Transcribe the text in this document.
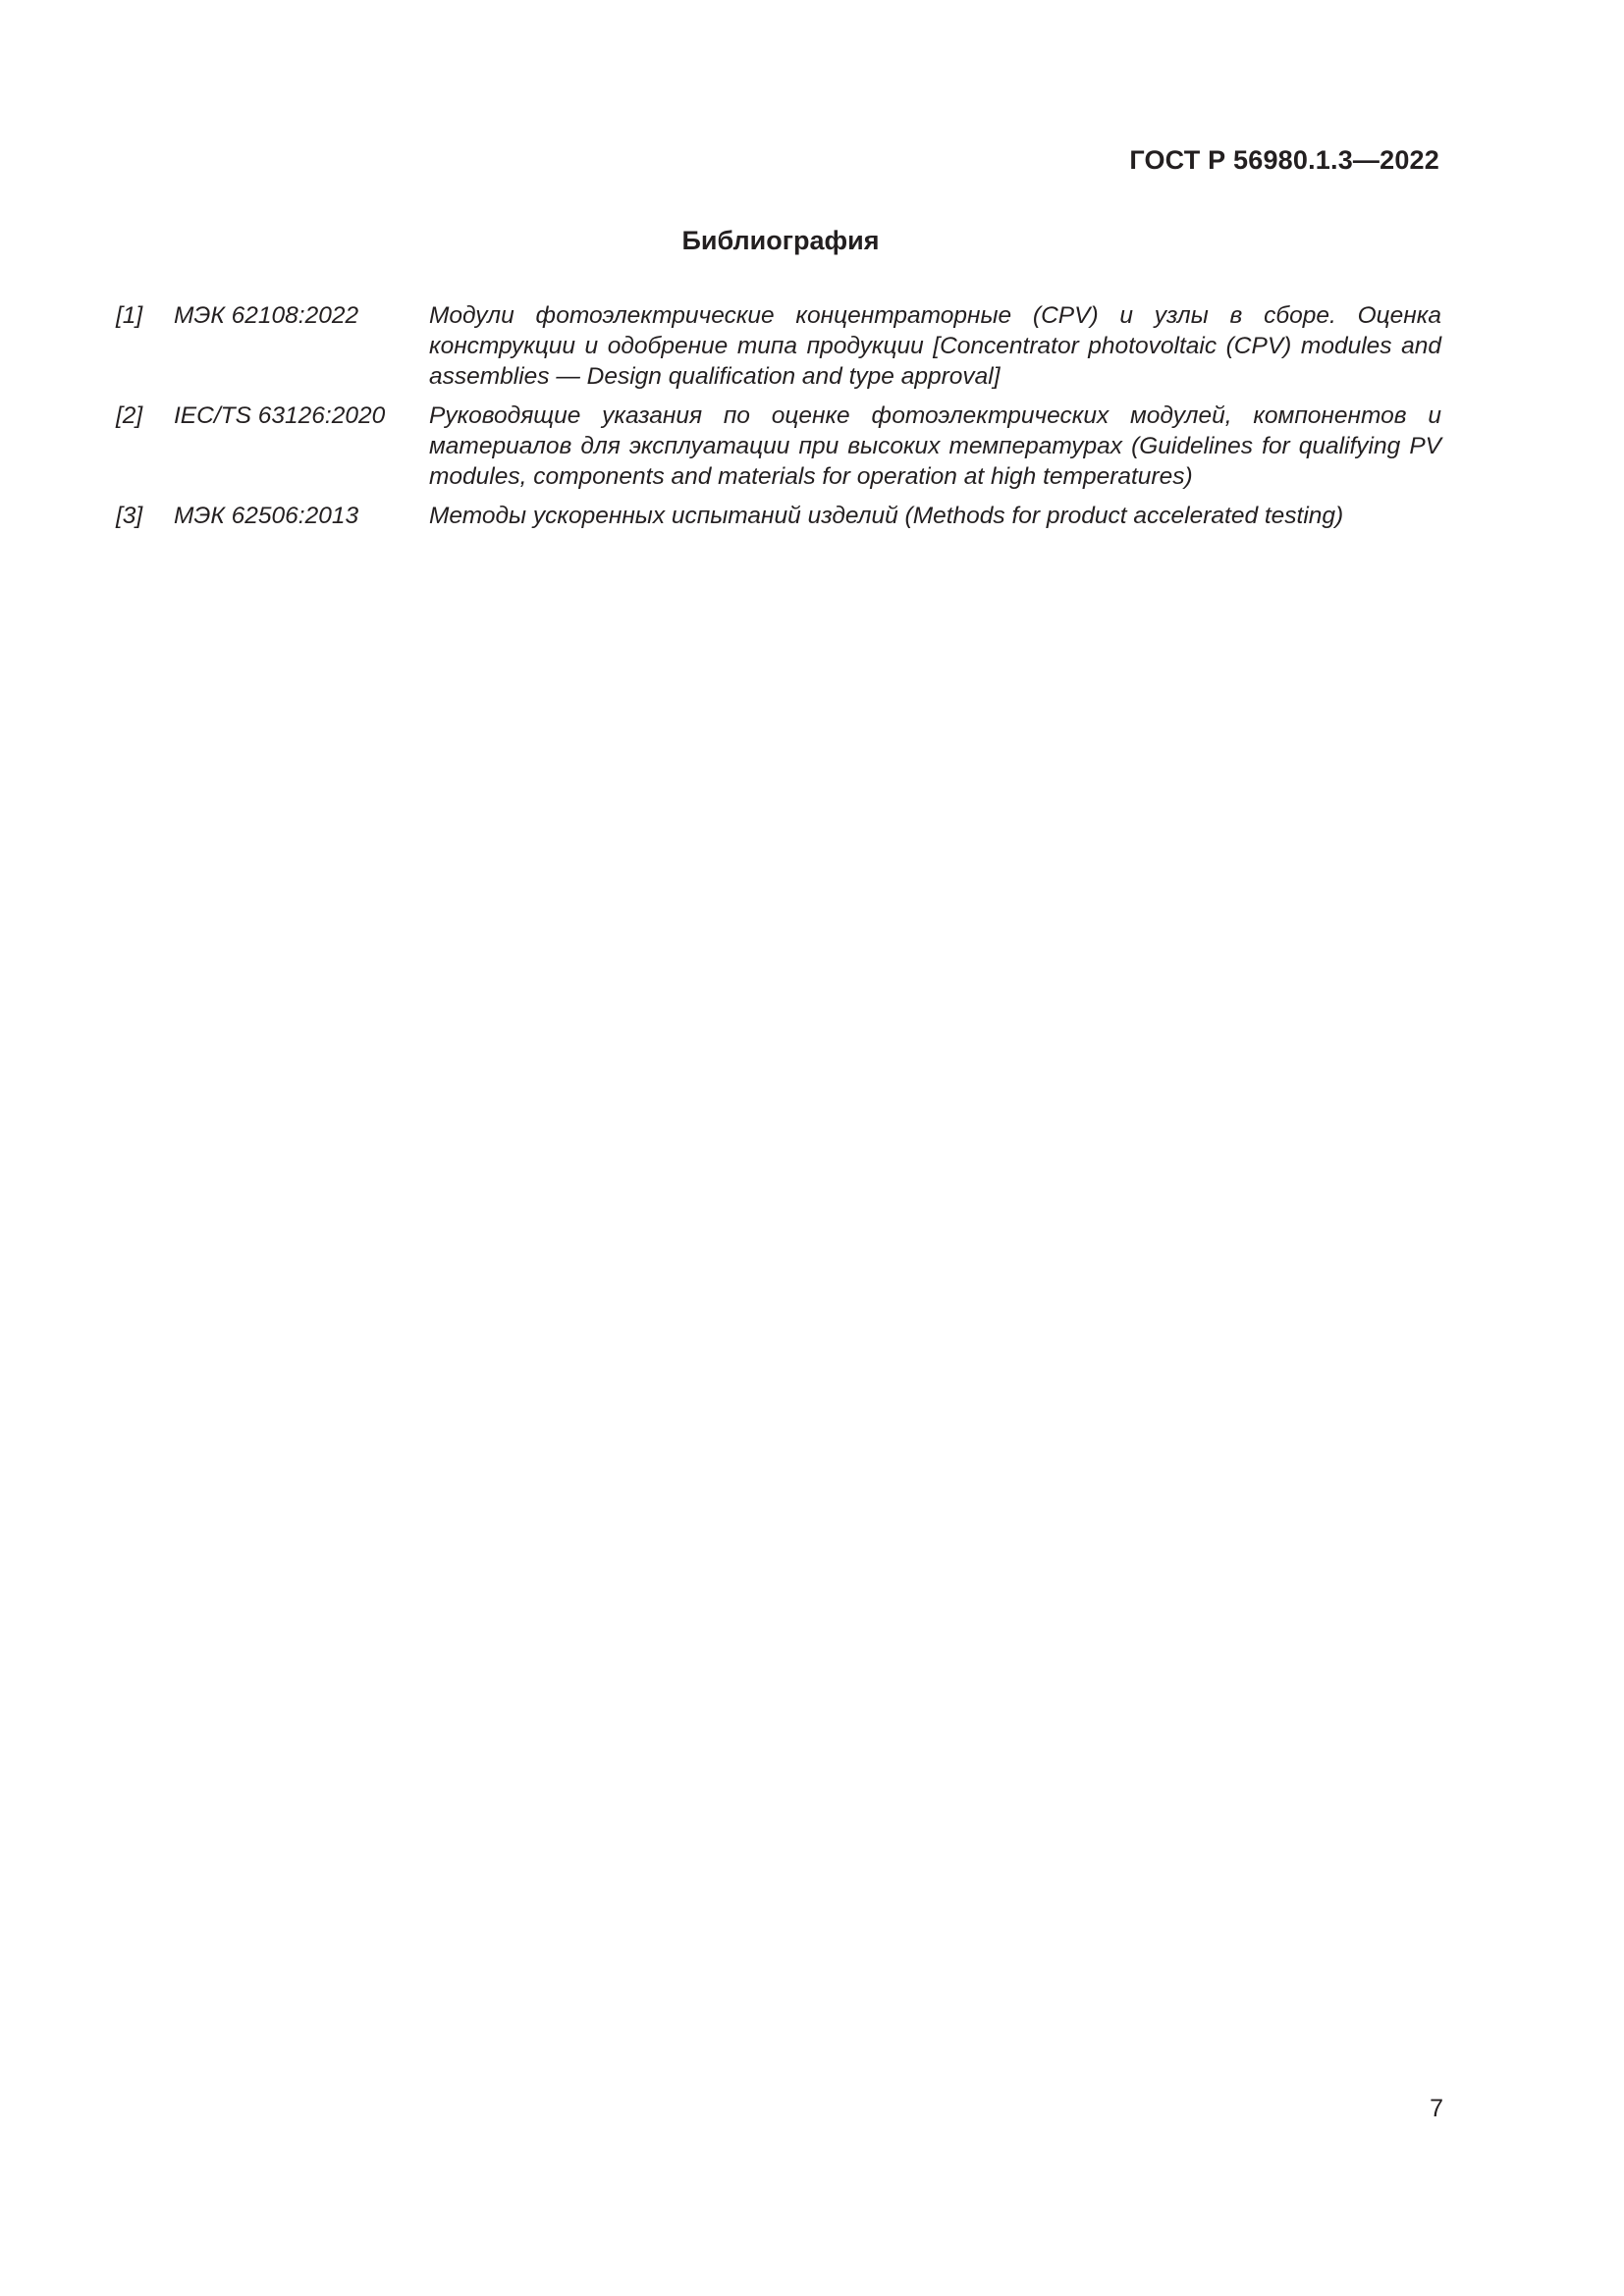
ГОСТ Р 56980.1.3—2022
Библиография
[1]	МЭК 62108:2022	Модули фотоэлектрические концентраторные (CPV) и узлы в сборе. Оценка конструкции и одобрение типа продукции [Concentrator photovoltaic (CPV) modules and assemblies — Design qualification and type approval]
[2]	IEC/TS 63126:2020	Руководящие указания по оценке фотоэлектрических модулей, компонентов и материалов для эксплуатации при высоких температурах (Guidelines for qualifying PV modules, components and materials for operation at high temperatures)
[3]	МЭК 62506:2013	Методы ускоренных испытаний изделий (Methods for product accelerated testing)
7
